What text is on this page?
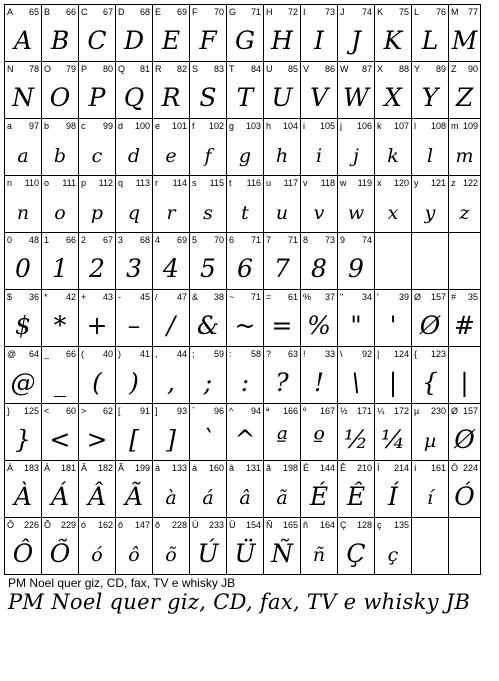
A 65
A
B 66
B
C 67
C
D 68
D
E 69
E
F 70
F
G 71
G
H 72
H
I 73
I
J 74
J
K 75
K
L 76
L
M 77
M
N 78
N
O 79
O
P 80
P
Q 81
Q
R 82
R
S 83
S
T 84
T
U 85
U
V 86
V
W 87
W
X 88
X
Y 89
Y
Z 90
Z
a 97
a
b 98
b
c 99
c
d 100
d
e 101
e
f 102
f
g 103
g
h 104
h
i 105
i
j 106
j
k 107
k
l 108
l
m 109
m
n 110
n
o 111
o
p 112
p
q 113
q
r 114
r
s 115
s
t 116
t
u 117
u
v 118
v
w 119
w
x 120
x
y 121
y
z 122
z
0 48
0
1 66
1
2 67
2
3 68
3
4 69
4
5 70
5
6 71
6
7 71
7
8 73
8
9 74
9
$ 36
$
* 42
*
+ 43
+
- 45
–
/ 47
/
& 38
&
~ 71
~
= 61
=
% 37
%
" 34
"
' 39
'
Ø 157
Ø
# 35
#
@ 64
@
_ 66
_
( 40
(
) 41
)
, 44
,
; 59
;
: 58
:
? 63
?
! 33
!
\ 92
\
| 124
|
{ 123
{ |
} 125
}
< 60
<
> 62
>
[ 91
[
] 93
]
` 96
`
^ 94
^
ª 166
ª
º 167
º
½ 171
½
¼ 172
¼
µ 230
µ
Ø 157
Ø
À 183
À
Á 181
Á
Â 182
Â
Ã 199
Ã
à 133
à
á 160
á
â 131
â
ã 198
ã
É 144
É
Ê 210
Ê
Í 214
Í
í 161
í
Ó 224
Ó
Ô 226
Ô
Õ 229
Õ
ó 162
ó
ô 147
ô
õ 228
õ
Ú 233
Ú
Ü 154
Ü
Ñ 165
Ñ
ñ 164
ñ
Ç 128
Ç
ç 135
ç
PM Noel quer giz, CD, fax, TV e whisky JB
PM Noel quer giz, CD, fax, TV e whisky JB
